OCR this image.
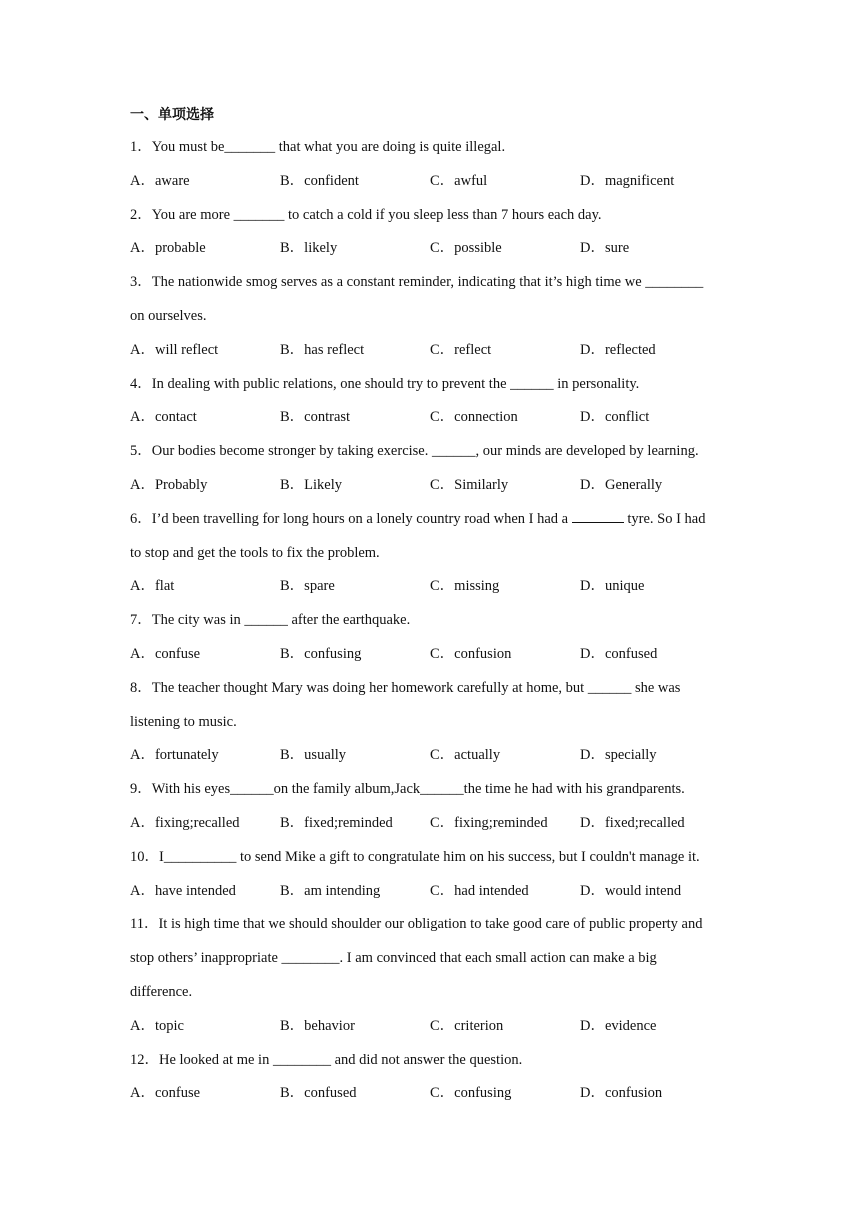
一、单项选择
1．You must be_______ that what you are doing is quite illegal.
A．aware	B．confident	C．awful	D．magnificent
2．You are more _______ to catch a cold if you sleep less than 7 hours each day.
A．probable	B．likely	C．possible	D．sure
3．The nationwide smog serves as a constant reminder, indicating that it’s high time we ________
on ourselves.
A．will reflect	B．has reflect	C．reflect	D．reflected
4．In dealing with public relations, one should try to prevent the ______ in personality.
A．contact	B．contrast	C．connection	D．conflict
5．Our bodies become stronger by taking exercise. ______, our minds are developed by learning.
A．Probably	B．Likely	C．Similarly	D．Generally
6．I’d been travelling for long hours on a lonely country road when I had a	tyre. So I had
to stop and get the tools to fix the problem.
A．flat	B．spare	C．missing	D．unique
7．The city was in ______ after the earthquake.
A．confuse	B．confusing	C．confusion	D．confused
8．The teacher thought Mary was doing her homework carefully at home, but ______ she was
listening to music.
A．fortunately	B．usually	C．actually	D．specially
9．With his eyes______on the family album,Jack______the time he had with his grandparents.
A．fixing;recalled	B．fixed;reminded	C．fixing;reminded D．fixed;recalled
10．I__________ to send Mike a gift to congratulate him on his success, but I couldn't manage it.
A．have intended	B．am intending	C．had intended	D．would intend
11．It is high time that we should shoulder our obligation to take good care of public property and
stop others’ inappropriate ________. I am convinced that each small action can make a big
difference.
A．topic	B．behavior	C．criterion	D．evidence
12．He looked at me in ________ and did not answer the question.
A．confuse	B．confused	C．confusing	D．confusion
